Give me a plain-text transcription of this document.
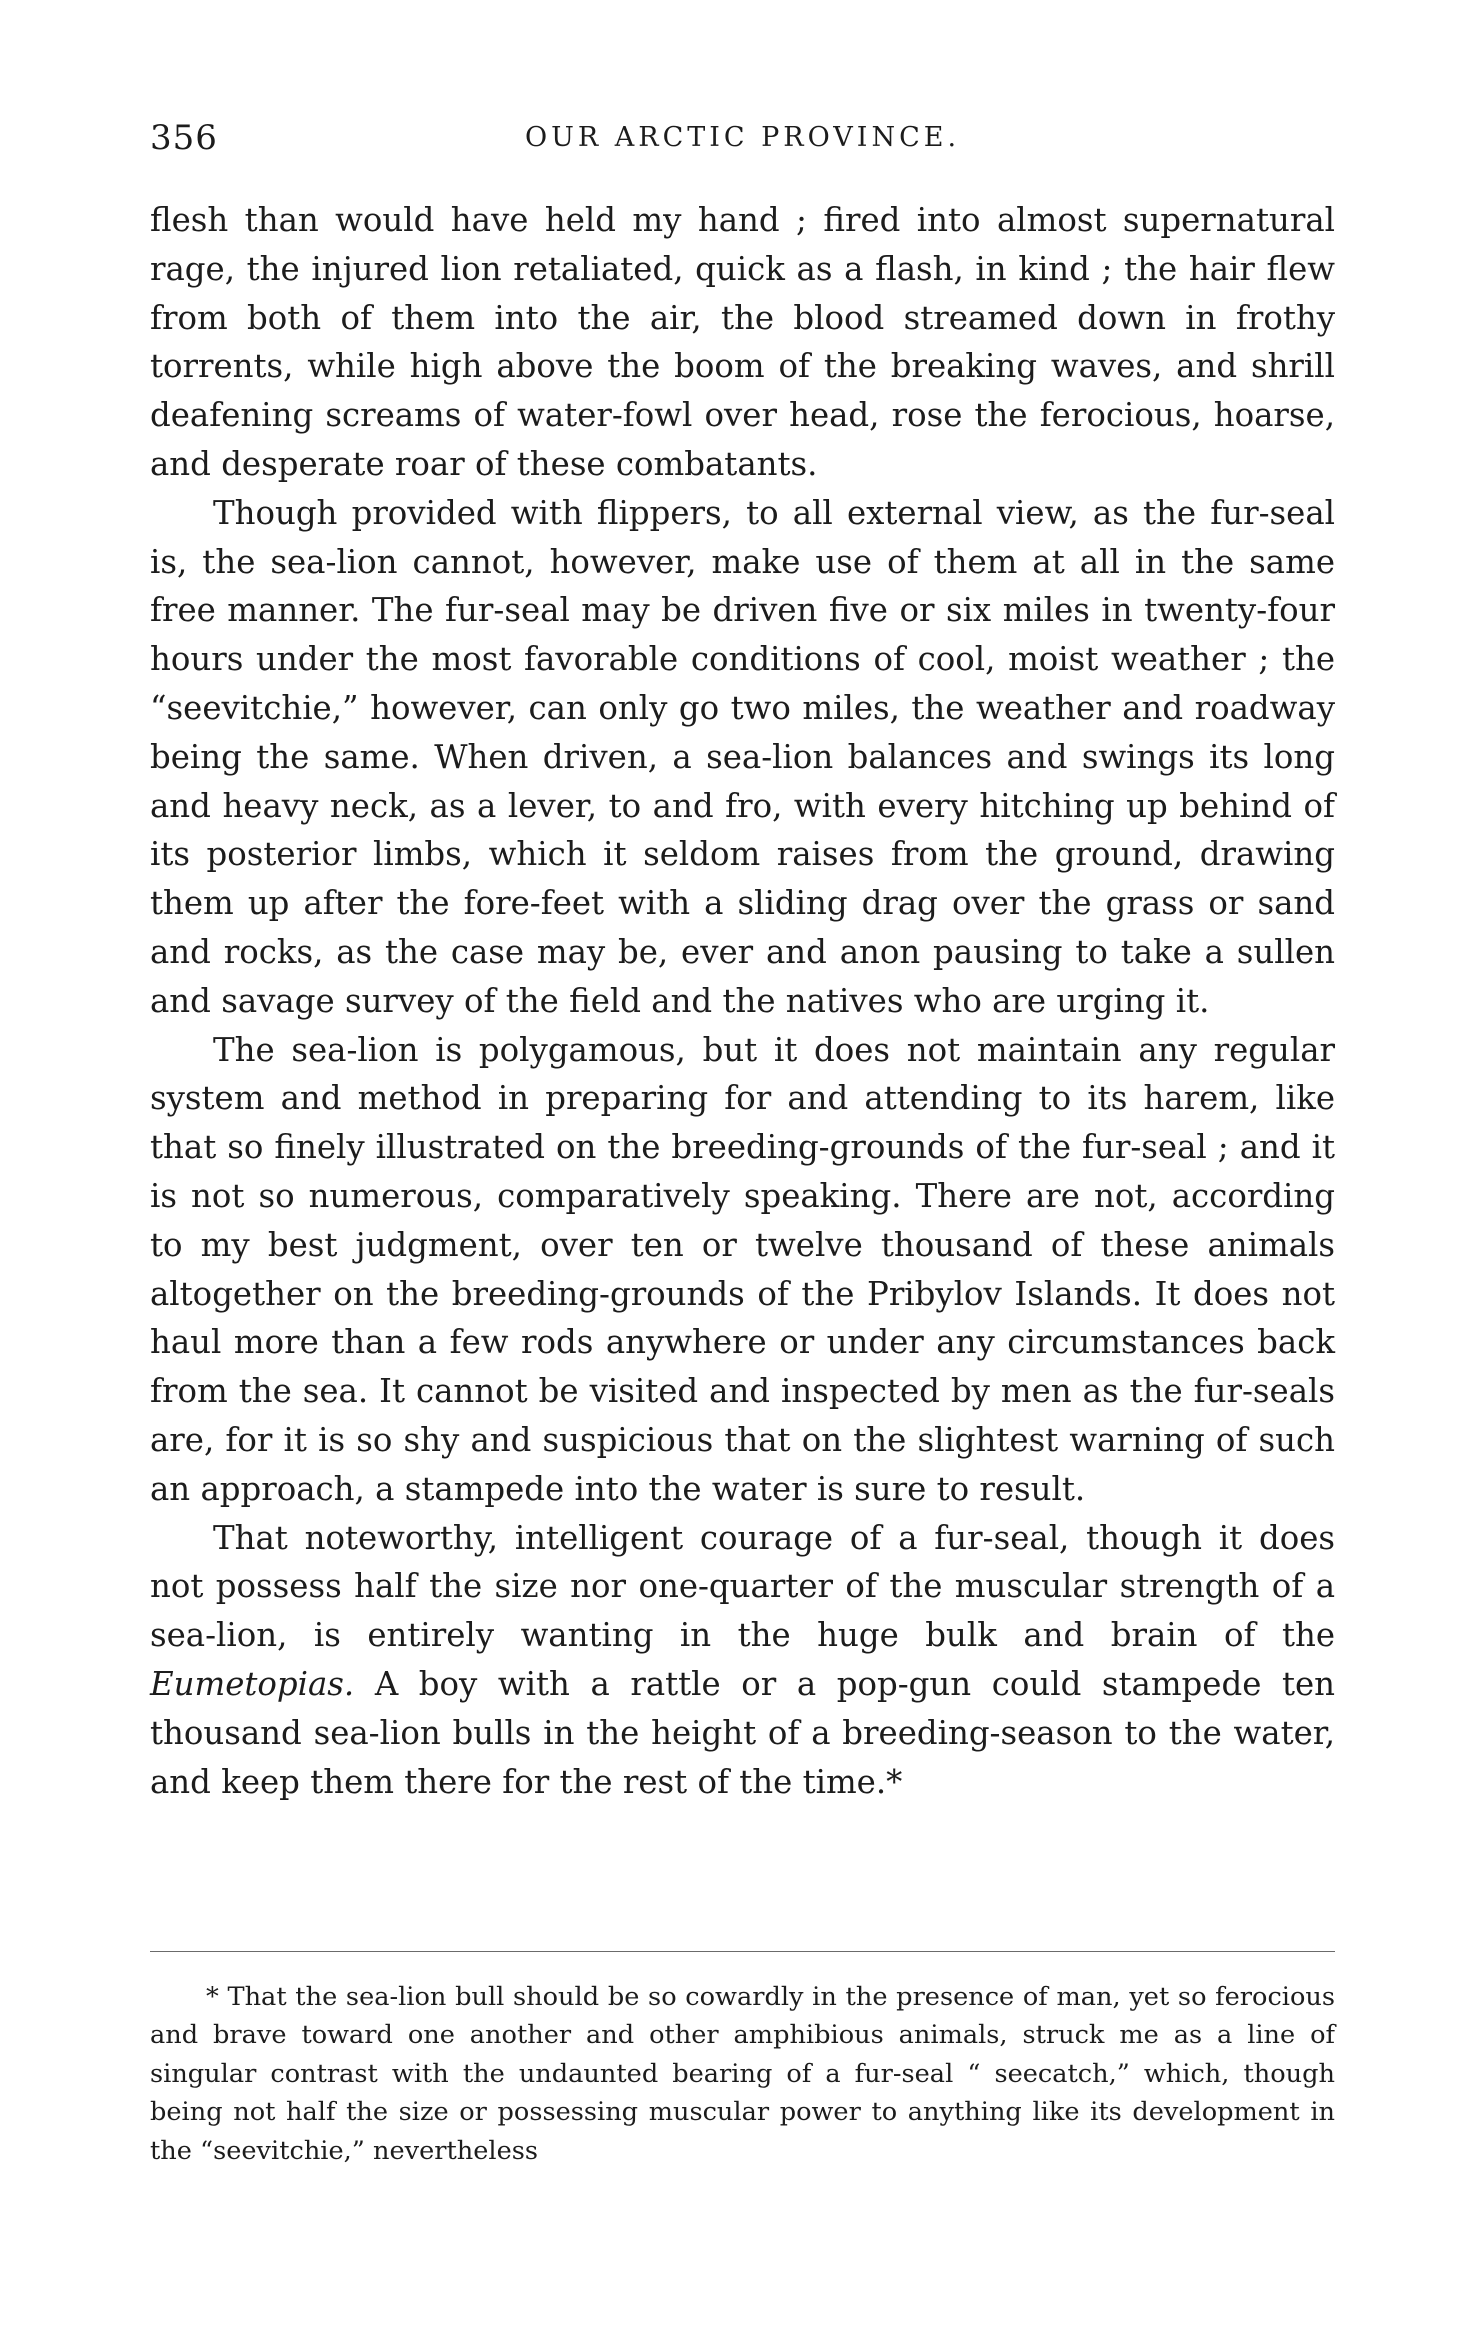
356	OUR ARCTIC PROVINCE.

flesh than would have held my hand ; fired into almost supernatural rage, the injured lion retaliated, quick as a flash, in kind ; the hair flew from both of them into the air, the blood streamed down in frothy torrents, while high above the boom of the breaking waves, and shrill deafening screams of water-fowl over head, rose the ferocious, hoarse, and desperate roar of these combatants.

Though provided with flippers, to all external view, as the fur-seal is, the sea-lion cannot, however, make use of them at all in the same free manner. The fur-seal may be driven five or six miles in twenty-four hours under the most favorable conditions of cool, moist weather ; the “seevitchie,” however, can only go two miles, the weather and roadway being the same. When driven, a sea-lion balances and swings its long and heavy neck, as a lever, to and fro, with every hitching up behind of its posterior limbs, which it seldom raises from the ground, drawing them up after the fore-feet with a sliding drag over the grass or sand and rocks, as the case may be, ever and anon pausing to take a sullen and savage survey of the field and the natives who are urging it.

The sea-lion is polygamous, but it does not maintain any regular system and method in preparing for and attending to its harem, like that so finely illustrated on the breeding-grounds of the fur-seal ; and it is not so numerous, comparatively speaking. There are not, according to my best judgment, over ten or twelve thousand of these animals altogether on the breeding-grounds of the Pribylov Islands. It does not haul more than a few rods anywhere or under any circumstances back from the sea. It cannot be visited and inspected by men as the fur-seals are, for it is so shy and suspicious that on the slightest warning of such an approach, a stampede into the water is sure to result.

That noteworthy, intelligent courage of a fur-seal, though it does not possess half the size nor one-quarter of the muscular strength of a sea-lion, is entirely wanting in the huge bulk and brain of the Eumetopias. A boy with a rattle or a pop-gun could stampede ten thousand sea-lion bulls in the height of a breeding-season to the water, and keep them there for the rest of the time.*

* That the sea-lion bull should be so cowardly in the presence of man, yet so ferocious and brave toward one another and other amphibious animals, struck me as a line of singular contrast with the undaunted bearing of a fur-seal “ seecatch,” which, though being not half the size or possessing muscular power to anything like its development in the “seevitchie,” nevertheless
